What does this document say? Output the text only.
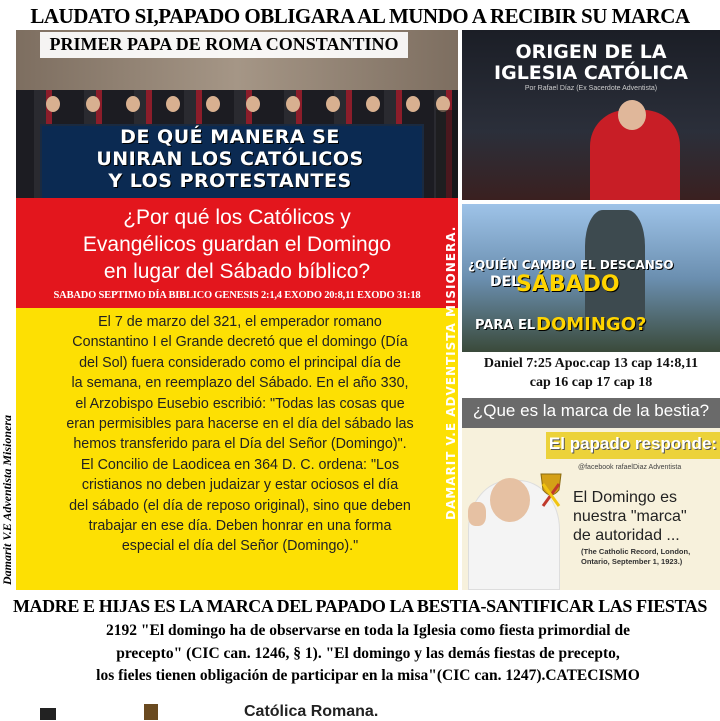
LAUDATO SI,PAPADO OBLIGARA AL MUNDO A RECIBIR SU MARCA
PRIMER PAPA DE ROMA CONSTANTINO
DE QUÉ MANERA SE
UNIRAN LOS CATÓLICOS
Y LOS PROTESTANTES
¿Por qué los Católicos y
Evangélicos guardan el Domingo
en lugar del Sábado bíblico?
SABADO SEPTIMO DÍA BIBLICO GENESIS 2:1,4 EXODO 20:8,11 EXODO 31:18
El 7 de marzo del 321, el emperador romano
Constantino I el Grande decretó que el domingo (Día
del Sol) fuera considerado como el principal día de
la semana, en reemplazo del Sábado. En el año 330,
el Arzobispo Eusebio escribió: "Todas las cosas que
eran permisibles para hacerse en el día del sábado las
hemos transferido para el Día del Señor (Domingo)".
El Concilio de Laodicea en 364 D. C. ordena: "Los
cristianos no deben judaizar y estar ociosos el día
del sábado (el día de reposo original), sino que deben
trabajar en ese día. Deben honrar en una forma
especial el día del Señor (Domingo)."
Damarit V.E Adventista Misionera	DAMARIT V.E ADVENTISTA MISIONERA.
ORIGEN DE LA
IGLESIA CATÓLICA
Por Rafael Díaz (Ex Sacerdote Adventista)
¿QUIÉN CAMBIO EL DESCANSO
DEL
SÁBADO
PARA EL DOMINGO?
Daniel 7:25 Apoc.cap 13 cap 14:8,11
cap 16 cap 17 cap 18
¿Que es la marca de la bestia?
El papado responde:
@facebook rafaelDiaz Adventista
El Domingo es
nuestra "marca"
de autoridad ...
(The Catholic Record, London,
Ontario, September 1, 1923.)
MADRE E HIJAS ES LA MARCA DEL PAPADO LA BESTIA-SANTIFICAR LAS FIESTAS
2192 "El domingo ha de observarse en toda la Iglesia como fiesta primordial de
precepto" (CIC can. 1246, § 1). "El domingo y las demás fiestas de precepto,
los fieles tienen obligación de participar en la misa"(CIC can. 1247).CATECISMO
Católica Romana.
